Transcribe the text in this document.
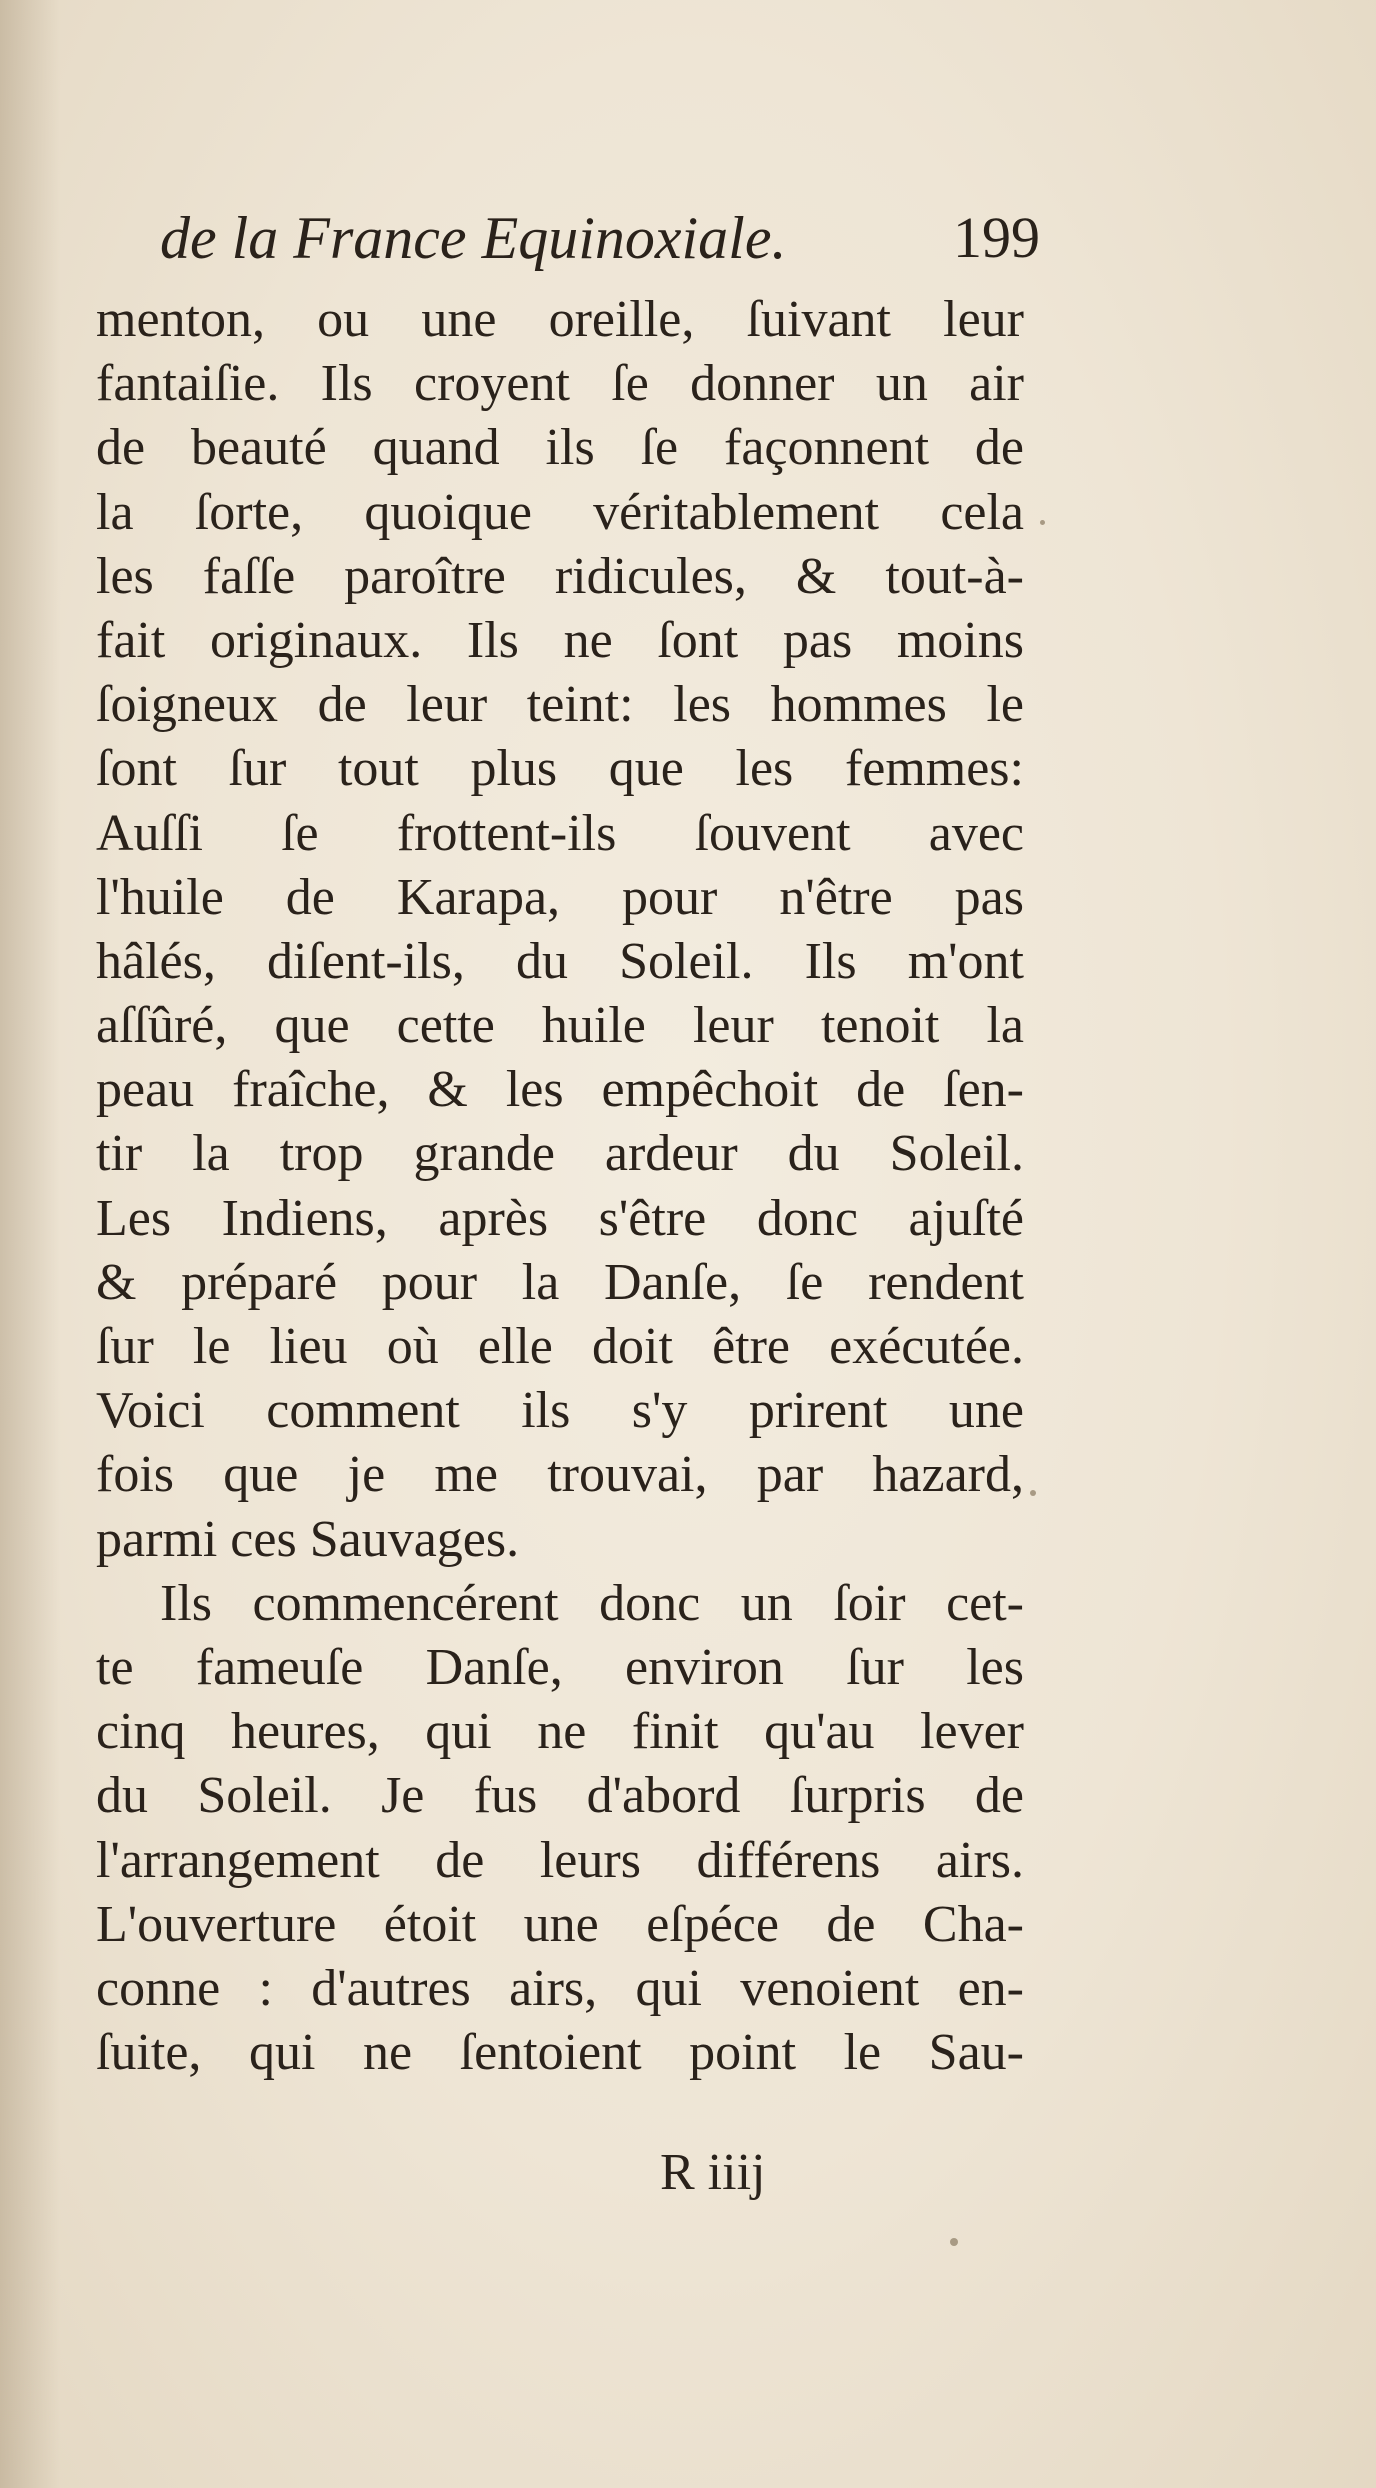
de la France Equinoxiale.	199
menton, ou une oreille, ſuivant leur
fantaiſie. Ils croyent ſe donner un air
de beauté quand ils ſe façonnent de
la ſorte, quoique véritablement cela
les faſſe paroître ridicules, & tout-à-
fait originaux. Ils ne ſont pas moins
ſoigneux de leur teint: les hommes le
ſont ſur tout plus que les femmes:
Auſſi ſe frottent-ils ſouvent avec
l'huile de Karapa, pour n'être pas
hâlés, diſent-ils, du Soleil. Ils m'ont
aſſûré, que cette huile leur tenoit la
peau fraîche, & les empêchoit de ſen-
tir la trop grande ardeur du Soleil.
Les Indiens, après s'être donc ajuſté
& préparé pour la Danſe, ſe rendent
ſur le lieu où elle doit être exécutée.
Voici comment ils s'y prirent une
fois que je me trouvai, par hazard,
parmi ces Sauvages.
Ils commencérent donc un ſoir cet-
te fameuſe Danſe, environ ſur les
cinq heures, qui ne finit qu'au lever
du Soleil. Je fus d'abord ſurpris de
l'arrangement de leurs différens airs.
L'ouverture étoit une eſpéce de Cha-
conne : d'autres airs, qui venoient en-
ſuite, qui ne ſentoient point le Sau-
R iiij
